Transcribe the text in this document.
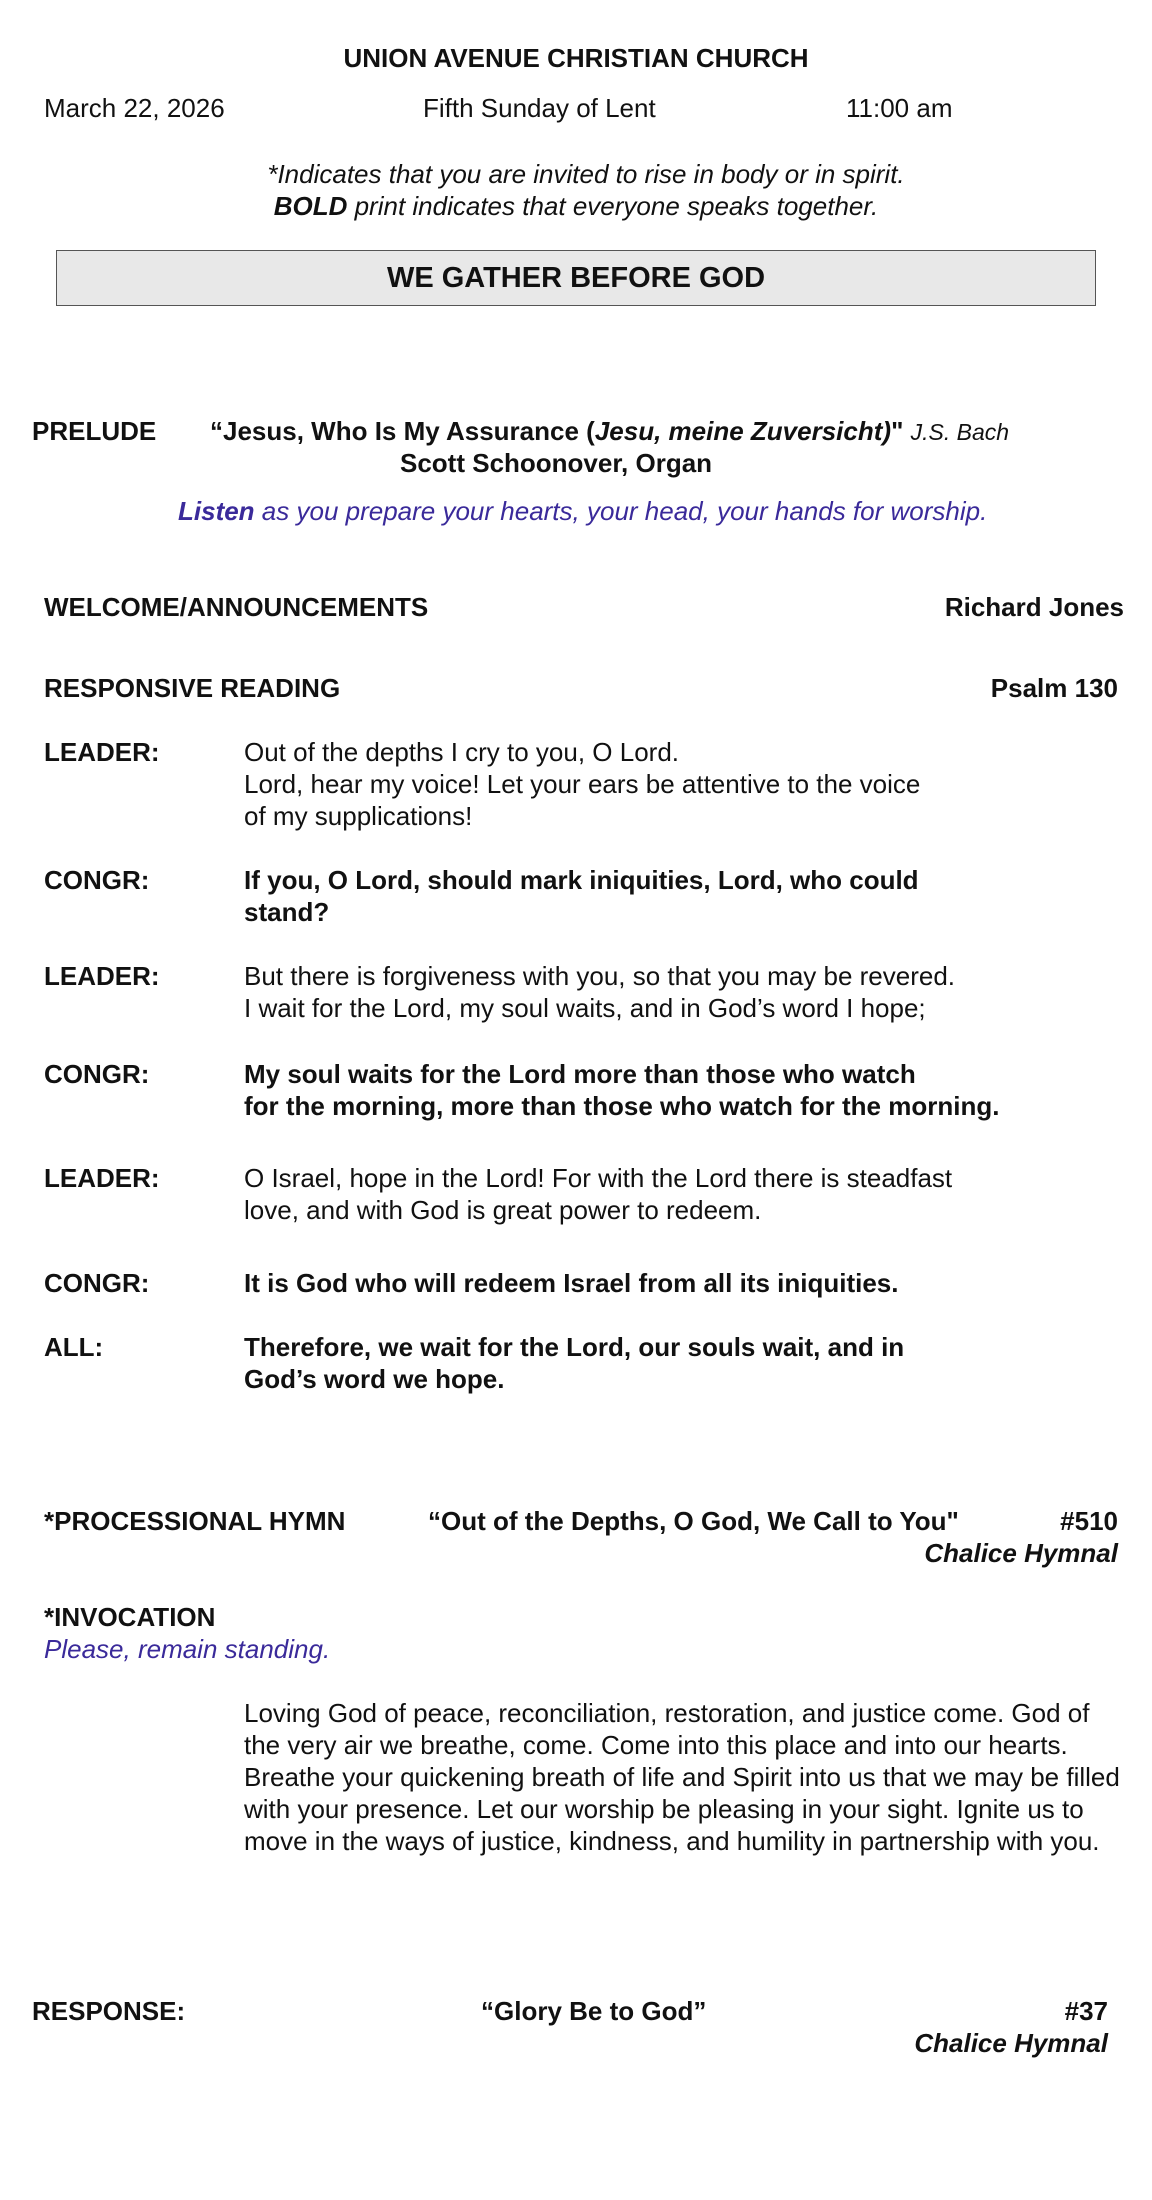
UNION AVENUE CHRISTIAN CHURCH
March 22, 2026	Fifth Sunday of Lent	11:00 am
*Indicates that you are invited to rise in body or in spirit.
BOLD print indicates that everyone speaks together.
WE GATHER BEFORE GOD
PRELUDE “Jesus, Who Is My Assurance (Jesu, meine Zuversicht)" J.S. Bach
Scott Schoonover, Organ
Listen as you prepare your hearts, your head, your hands for worship.
WELCOME/ANNOUNCEMENTS	Richard Jones
RESPONSIVE READING	Psalm 130
LEADER:	Out of the depths I cry to you, O Lord.
Lord, hear my voice! Let your ears be attentive to the voice
of my supplications!
CONGR:	If you, O Lord, should mark iniquities, Lord, who could
stand?
LEADER:	But there is forgiveness with you, so that you may be revered.
I wait for the Lord, my soul waits, and in God’s word I hope;
CONGR:	My soul waits for the Lord more than those who watch
for the morning, more than those who watch for the morning.
LEADER:	O Israel, hope in the Lord! For with the Lord there is steadfast
love, and with God is great power to redeem.
CONGR:	It is God who will redeem Israel from all its iniquities.
ALL:	Therefore, we wait for the Lord, our souls wait, and in
God’s word we hope.
*PROCESSIONAL HYMN	“Out of the Depths, O God, We Call to You"	#510
Chalice Hymnal
*INVOCATION
Please, remain standing.
Loving God of peace, reconciliation, restoration, and justice come. God of the very air we breathe, come. Come into this place and into our hearts. Breathe your quickening breath of life and Spirit into us that we may be filled with your presence. Let our worship be pleasing in your sight. Ignite us to move in the ways of justice, kindness, and humility in partnership with you.
RESPONSE:	“Glory Be to God”	#37
Chalice Hymnal
